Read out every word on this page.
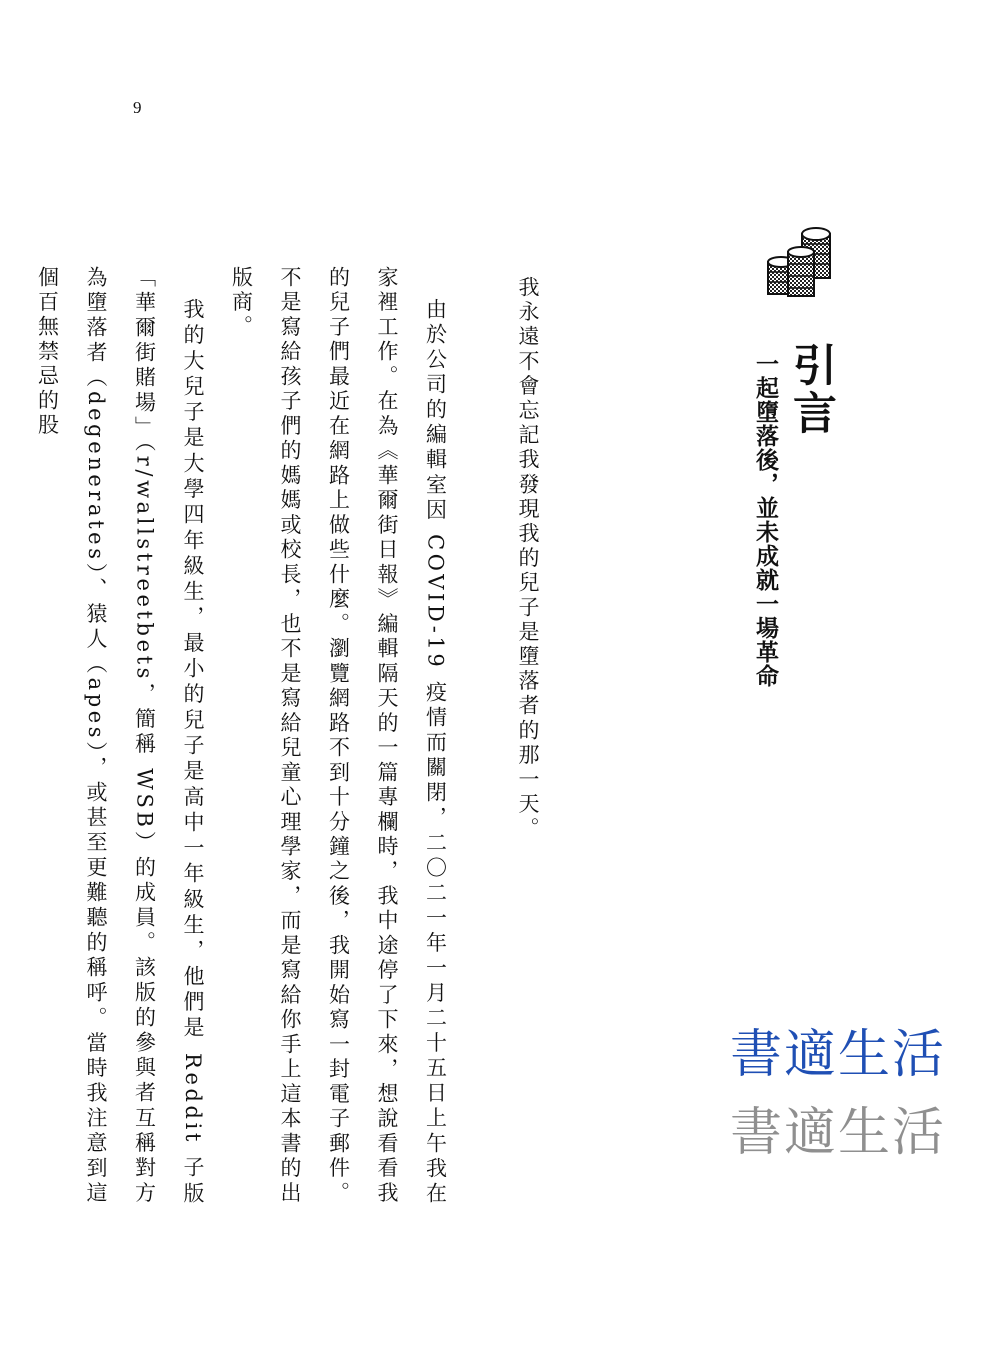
9
引言
一起墮落後，並未成就一場革命

我永遠不會忘記我發現我的兒子是墮落者的那一天。

由於公司的編輯室因 COVID-19 疫情而關閉，二〇二一年一月二十五日上午我在家裡工作。在為《華爾街日報》編輯隔天的一篇專欄時，我中途停了下來，想說看看我的兒子們最近在網路上做些什麼。瀏覽網路不到十分鐘之後，我開始寫一封電子郵件。不是寫給孩子們的媽媽或校長，也不是寫給兒童心理學家，而是寫給你手上這本書的出版商。

我的大兒子是大學四年級生，最小的兒子是高中一年級生，他們是 Reddit 子版「華爾街賭場」（r/wallstreetbets，簡稱 WSB）的成員。該版的參與者互稱對方為墮落者（degenerates）、猿人（apes），或甚至更難聽的稱呼。當時我注意到這個百無禁忌的股

書適生活
書適生活
